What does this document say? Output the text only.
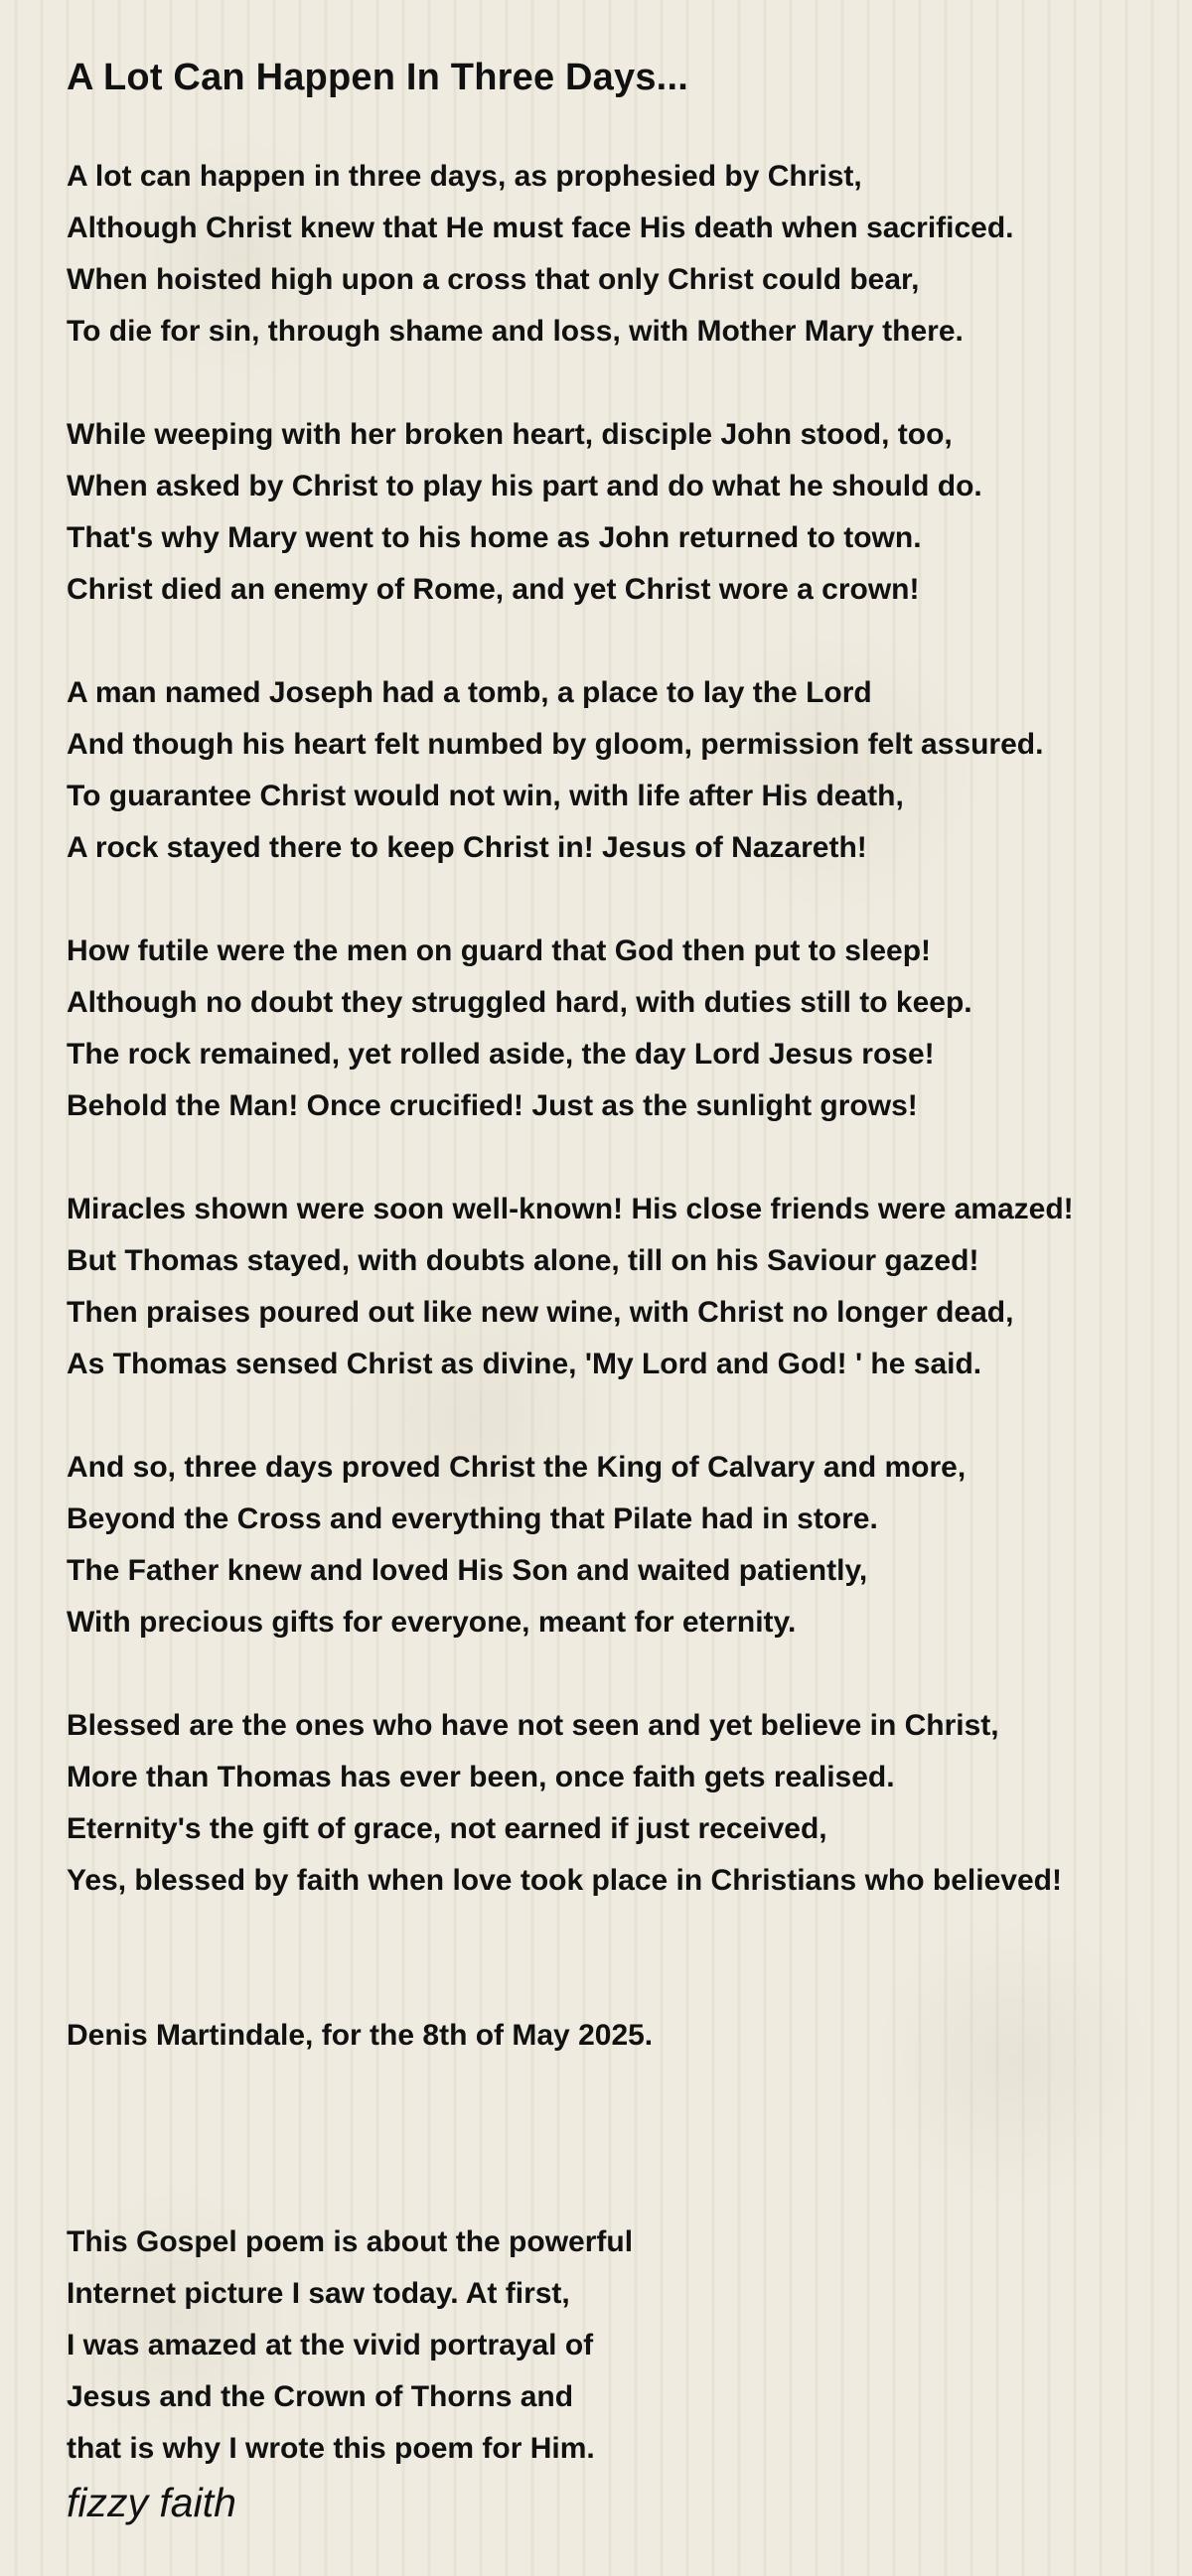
A Lot Can Happen In Three Days...
A lot can happen in three days, as prophesied by Christ,
Although Christ knew that He must face His death when sacrificed.
When hoisted high upon a cross that only Christ could bear,
To die for sin, through shame and loss, with Mother Mary there.
While weeping with her broken heart, disciple John stood, too,
When asked by Christ to play his part and do what he should do.
That's why Mary went to his home as John returned to town.
Christ died an enemy of Rome, and yet Christ wore a crown!
A man named Joseph had a tomb, a place to lay the Lord
And though his heart felt numbed by gloom, permission felt assured.
To guarantee Christ would not win, with life after His death,
A rock stayed there to keep Christ in! Jesus of Nazareth!
How futile were the men on guard that God then put to sleep!
Although no doubt they struggled hard, with duties still to keep.
The rock remained, yet rolled aside, the day Lord Jesus rose!
Behold the Man! Once crucified! Just as the sunlight grows!
Miracles shown were soon well-known! His close friends were amazed!
But Thomas stayed, with doubts alone, till on his Saviour gazed!
Then praises poured out like new wine, with Christ no longer dead,
As Thomas sensed Christ as divine, 'My Lord and God! ' he said.
And so, three days proved Christ the King of Calvary and more,
Beyond the Cross and everything that Pilate had in store.
The Father knew and loved His Son and waited patiently,
With precious gifts for everyone, meant for eternity.
Blessed are the ones who have not seen and yet believe in Christ,
More than Thomas has ever been, once faith gets realised.
Eternity's the gift of grace, not earned if just received,
Yes, blessed by faith when love took place in Christians who believed!
Denis Martindale, for the 8th of May 2025.
This Gospel poem is about the powerful
Internet picture I saw today. At first,
I was amazed at the vivid portrayal of
Jesus and the Crown of Thorns and
that is why I wrote this poem for Him.
fizzy faith
